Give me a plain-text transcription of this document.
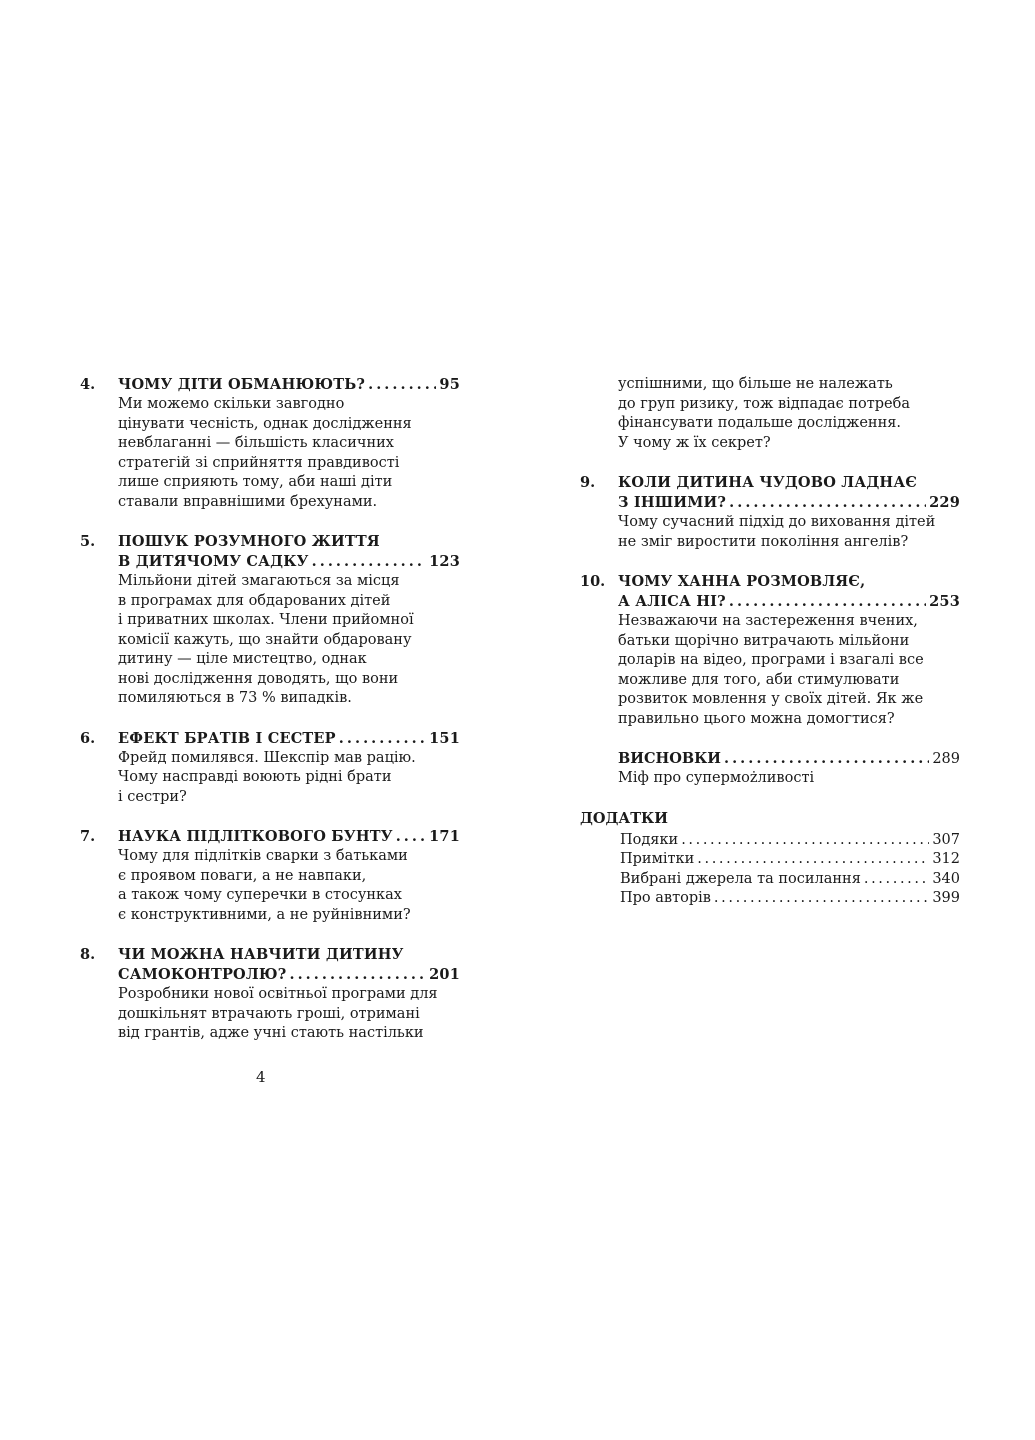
4. ЧОМУ ДІТИ ОБМАНЮЮТЬ? . . .	95
Ми можемо скільки завгодно
цінувати чесність, однак дослідження
невблаганні — більшість класичних
стратегій зі сприйняття правдивості
лише сприяють тому, аби наші діти
ставали вправнішими брехунами.
5. ПОШУК РОЗУМНОГО ЖИТТЯ
В ДИТЯЧОМУ САДКУ . . .	123
Мільйони дітей змагаються за місця
в програмах для обдарованих дітей
і приватних школах. Члени прийомної
комісії кажуть, що знайти обдаровану
дитину — ціле мистецтво, однак
нові дослідження доводять, що вони
помиляються в 73 % випадків.
6. ЕФЕКТ БРАТІВ І СЕСТЕР . . .	151
Фрейд помилявся. Шекспір мав рацію.
Чому насправді воюють рідні брати
і сестри?
7. НАУКА ПІДЛІТКОВОГО БУНТУ . . .	171
Чому для підлітків сварки з батьками
є проявом поваги, а не навпаки,
а також чому суперечки в стосунках
є конструктивними, а не руйнівними?
8. ЧИ МОЖНА НАВЧИТИ ДИТИНУ
САМОКОНТРОЛЮ? . . .	201
Розробники нової освітньої програми для
дошкільнят втрачають гроші, отримані
від грантів, адже учні стають настільки
успішними, що більше не належать
до груп ризику, тож відпадає потреба
фінансувати подальше дослідження.
У чому ж їх секрет?
9. КОЛИ ДИТИНА ЧУДОВО ЛАДНАЄ
З ІНШИМИ? . . .	229
Чому сучасний підхід до виховання дітей
не зміг виростити покоління ангелів?
10. ЧОМУ ХАННА РОЗМОВЛЯЄ,
А АЛІСА НІ? . . .	253
Незважаючи на застереження вчених,
батьки щорічно витрачають мільйони
доларів на відео, програми і взагалі все
можливе для того, аби стимулювати
розвиток мовлення у своїх дітей. Як же
правильно цього можна домогтися?
ВИСНОВКИ . . .	289
Міф про супермożливості
ДОДАТКИ
Подяки . . .	307
Примітки . . .	312
Вибрані джерела та посилання . . .	340
Про авторів . . .	399
4
